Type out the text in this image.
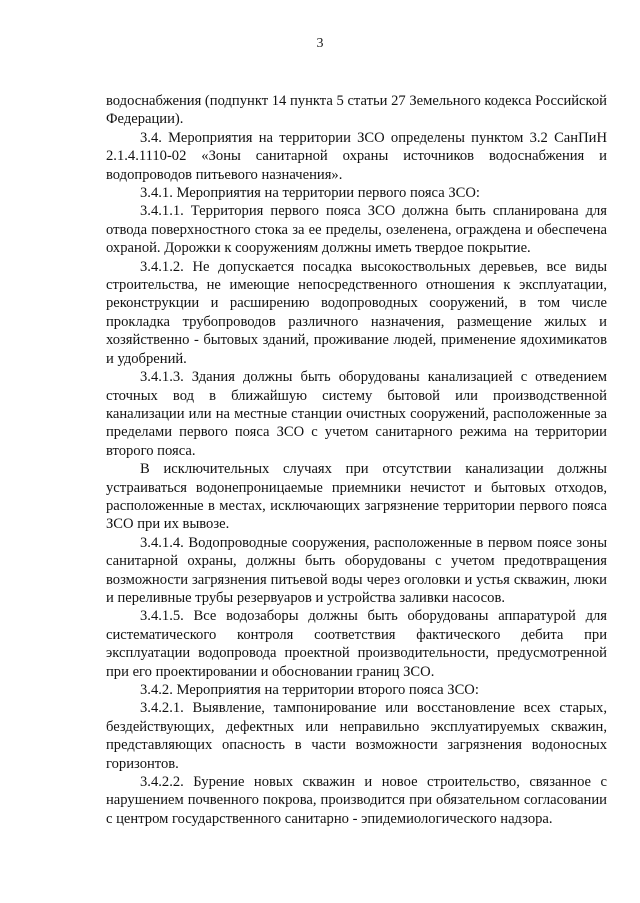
3

водоснабжения (подпункт 14 пункта 5 статьи 27 Земельного кодекса Российской Федерации).

3.4. Мероприятия на территории ЗСО определены пунктом 3.2 СанПиН 2.1.4.1110-02 «Зоны санитарной охраны источников водоснабжения и водопроводов питьевого назначения».

3.4.1. Мероприятия на территории первого пояса ЗСО:

3.4.1.1. Территория первого пояса ЗСО должна быть спланирована для отвода поверхностного стока за ее пределы, озеленена, ограждена и обеспечена охраной. Дорожки к сооружениям должны иметь твердое покрытие.

3.4.1.2. Не допускается посадка высокоствольных деревьев, все виды строительства, не имеющие непосредственного отношения к эксплуатации, реконструкции и расширению водопроводных сооружений, в том числе прокладка трубопроводов различного назначения, размещение жилых и хозяйственно - бытовых зданий, проживание людей, применение ядохимикатов и удобрений.

3.4.1.3. Здания должны быть оборудованы канализацией с отведением сточных вод в ближайшую систему бытовой или производственной канализации или на местные станции очистных сооружений, расположенные за пределами первого пояса ЗСО с учетом санитарного режима на территории второго пояса.

В исключительных случаях при отсутствии канализации должны устраиваться водонепроницаемые приемники нечистот и бытовых отходов, расположенные в местах, исключающих загрязнение территории первого пояса ЗСО при их вывозе.

3.4.1.4. Водопроводные сооружения, расположенные в первом поясе зоны санитарной охраны, должны быть оборудованы с учетом предотвращения возможности загрязнения питьевой воды через оголовки и устья скважин, люки и переливные трубы резервуаров и устройства заливки насосов.

3.4.1.5. Все водозаборы должны быть оборудованы аппаратурой для систематического контроля соответствия фактического дебита при эксплуатации водопровода проектной производительности, предусмотренной при его проектировании и обосновании границ ЗСО.

3.4.2. Мероприятия на территории второго пояса ЗСО:

3.4.2.1. Выявление, тампонирование или восстановление всех старых, бездействующих, дефектных или неправильно эксплуатируемых скважин, представляющих опасность в части возможности загрязнения водоносных горизонтов.

3.4.2.2. Бурение новых скважин и новое строительство, связанное с нарушением почвенного покрова, производится при обязательном согласовании с центром государственного санитарно - эпидемиологического надзора.
